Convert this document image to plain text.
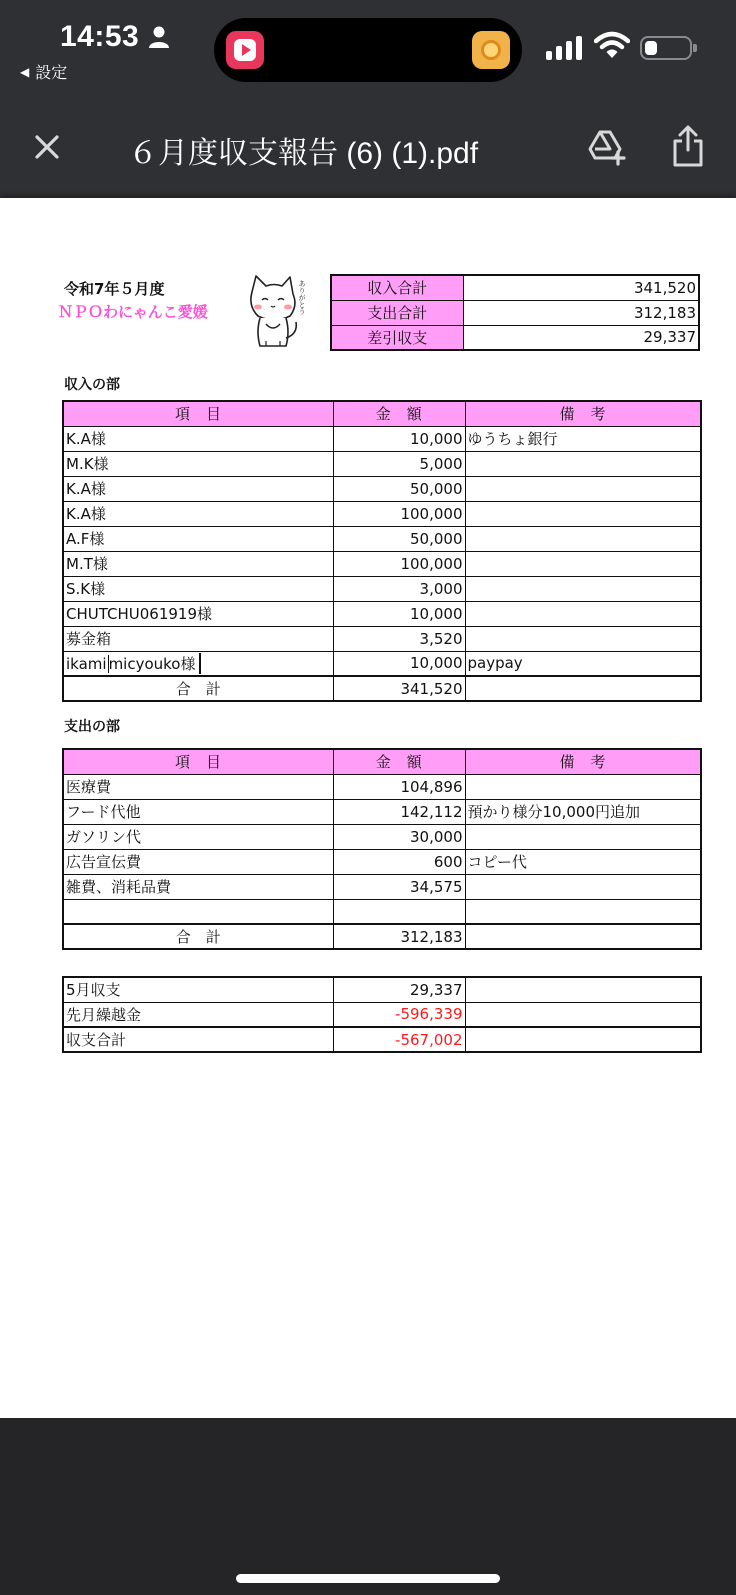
14:53
◀ 設定
６月度収支報告 (6) (1).pdf
令和7年５月度
ＮＰＯわにゃんこ愛媛	ありがとう	収入合計	341,520
支出合計	312,183
差引収支	29,337
収入の部
項　目	金　額	備　考
K.A様	10,000	ゆうちょ銀行
M.K様	5,000	
K.A様	50,000	
K.A様	100,000	
A.F様	50,000	
M.T様	100,000	
S.K様	3,000	
CHUTCHU061919様	10,000	
募金箱	3,520	
ikami micyouko様	10,000	paypay
合　計	341,520	
支出の部
項　目	金　額	備　考
医療費	104,896	
フード代他	142,112	預かり様分10,000円追加
ガソリン代	30,000	
広告宣伝費	600	コピー代
雑費、消耗品費	34,575	

合　計	312,183	
5月収支	29,337	
先月繰越金	-596,339	
収支合計	-567,002	
